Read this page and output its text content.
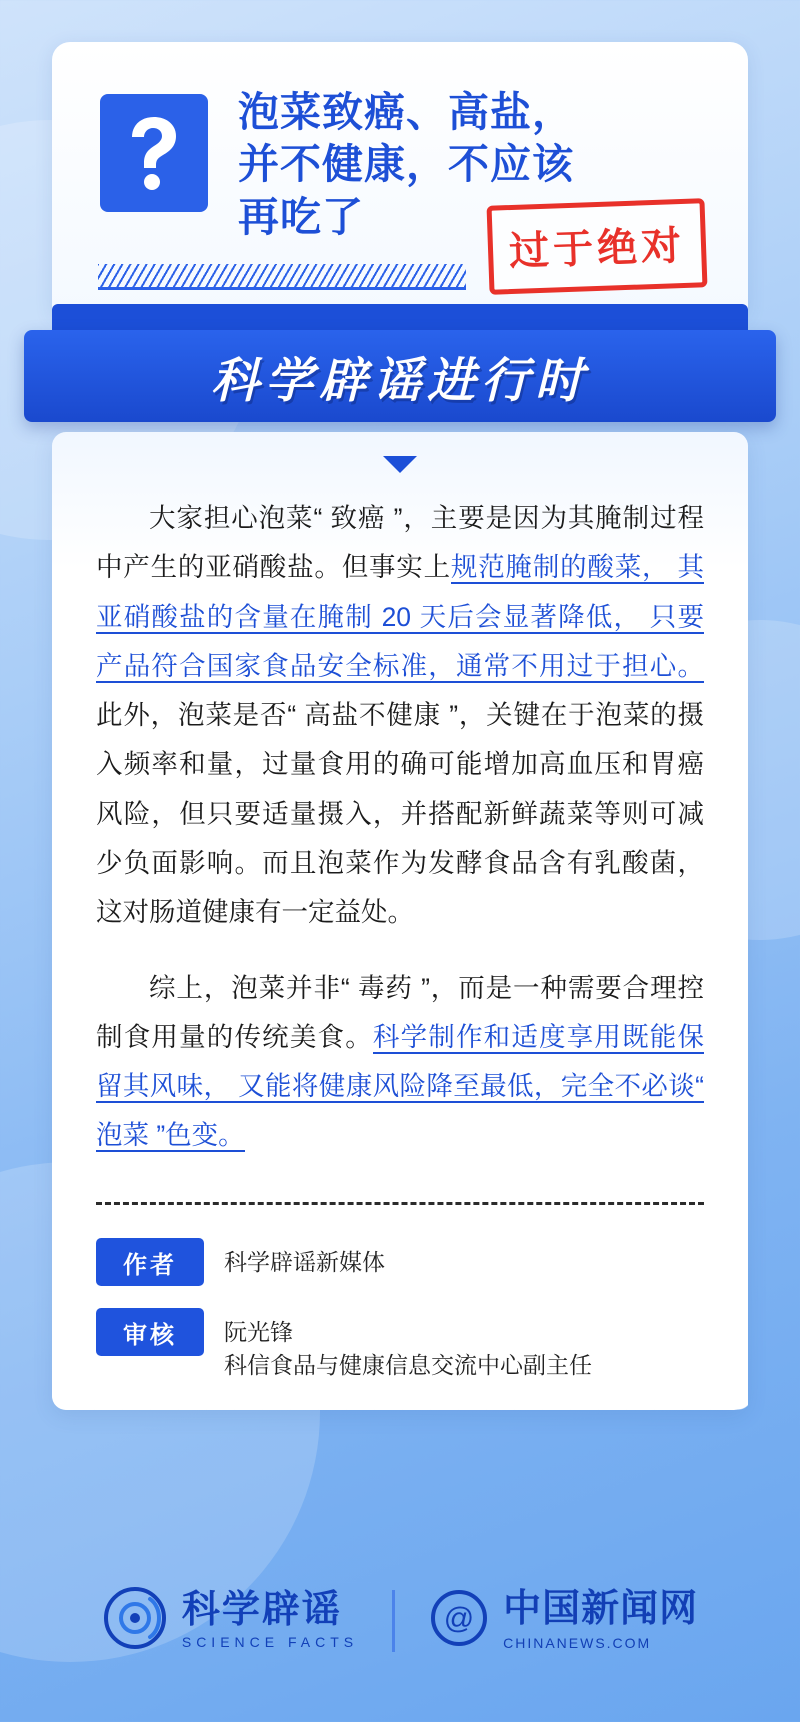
泡菜致癌、高盐，
并不健康，不应该
再吃了
过于绝对
科学辟谣进行时

大家担心泡菜“ 致癌 ”，主要是因为其腌制过程中产生的亚硝酸盐。但事实上规范腌制的酸菜， 其亚硝酸盐的含量在腌制 20 天后会显著降低， 只要产品符合国家食品安全标准，通常不用过于担心。 此外，泡菜是否“ 高盐不健康 ”，关键在于泡菜的摄入频率和量，过量食用的确可能增加高血压和胃癌风险，但只要适量摄入，并搭配新鲜蔬菜等则可减少负面影响。而且泡菜作为发酵食品含有乳酸菌，这对肠道健康有一定益处。

综上，泡菜并非“ 毒药 ”，而是一种需要合理控制食用量的传统美食。科学制作和适度享用既能保留其风味， 又能将健康风险降至最低，完全不必谈“ 泡菜 ”色变。

作者	科学辟谣新媒体
审核	阮光锋
科信食品与健康信息交流中心副主任
科学辟谣
SCIENCE FACTS
@ 中国新闻网
CHINANEWS.COM
